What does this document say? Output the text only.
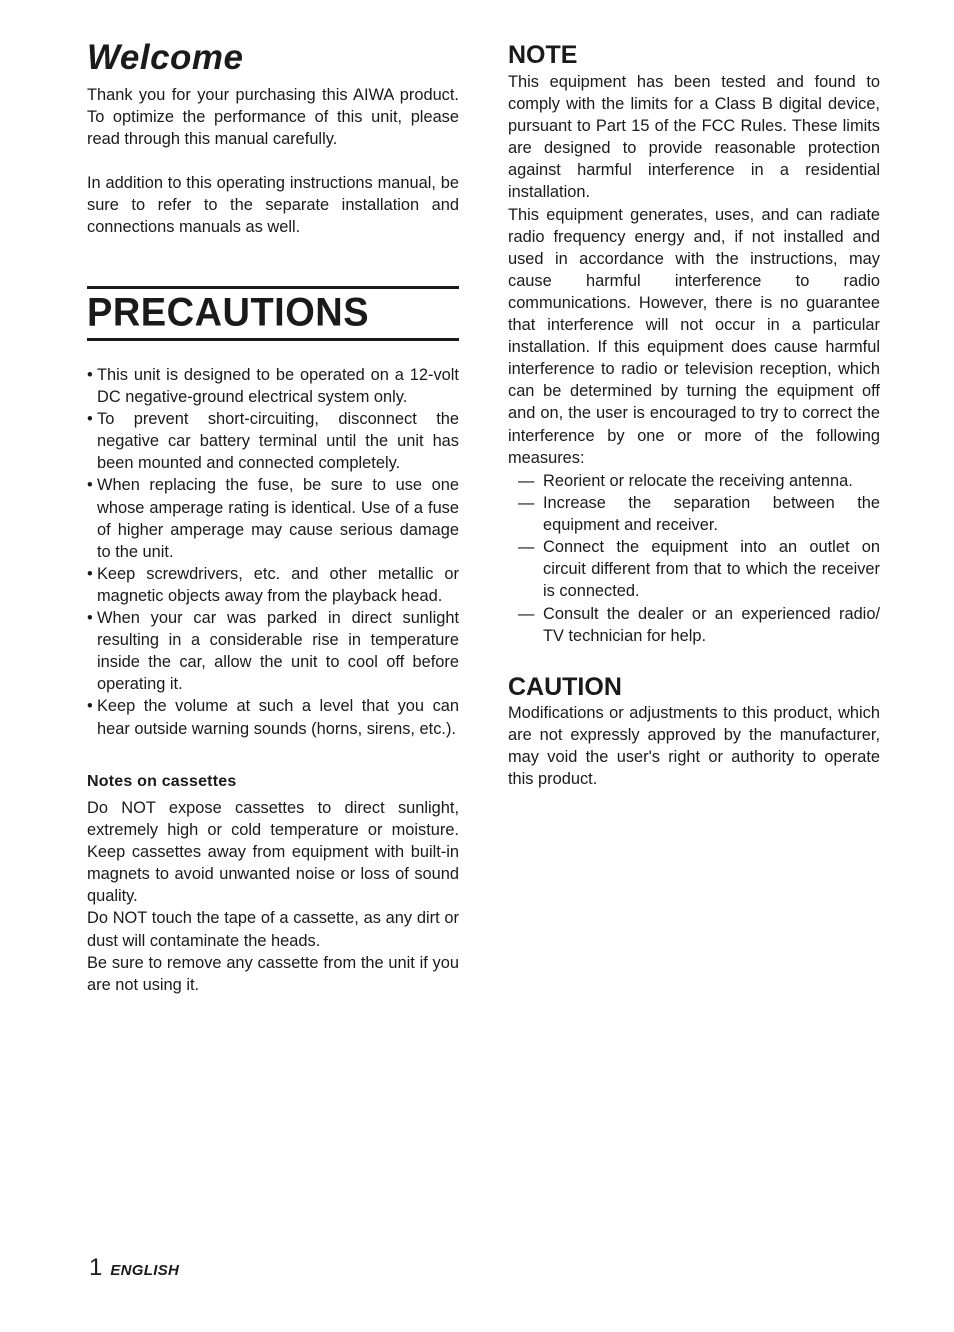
Welcome

Thank you for your purchasing this AIWA product. To optimize the performance of this unit, please read through this manual carefully.

In addition to this operating instructions manual, be sure to refer to the separate installation and connections manuals as well.

PRECAUTIONS
• This unit is designed to be operated on a 12-volt DC negative-ground electrical system only.
• To prevent short-circuiting, disconnect the negative car battery terminal until the unit has been mounted and connected completely.
• When replacing the fuse, be sure to use one whose amperage rating is identical. Use of a fuse of higher amperage may cause serious damage to the unit.
• Keep screwdrivers, etc. and other metallic or magnetic objects away from the playback head.
• When your car was parked in direct sunlight resulting in a considerable rise in temperature inside the car, allow the unit to cool off before operating it.
• Keep the volume at such a level that you can hear outside warning sounds (horns, sirens, etc.).
Notes on cassettes

Do NOT expose cassettes to direct sunlight, extremely high or cold temperature or moisture. Keep cassettes away from equipment with built-in magnets to avoid unwanted noise or loss of sound quality.

Do NOT touch the tape of a cassette, as any dirt or dust will contaminate the heads.

Be sure to remove any cassette from the unit if you are not using it.

NOTE

This equipment has been tested and found to comply with the limits for a Class B digital device, pursuant to Part 15 of the FCC Rules. These limits are designed to provide reasonable protection against harmful interference in a residential installation.

This equipment generates, uses, and can radiate radio frequency energy and, if not installed and used in accordance with the instructions, may cause harmful interference to radio communications. However, there is no guarantee that interference will not occur in a particular installation. If this equipment does cause harmful interference to radio or television reception, which can be determined by turning the equipment off and on, the user is encouraged to try to correct the interference by one or more of the following measures:

— Reorient or relocate the receiving antenna.
— Increase the separation between the equipment and receiver.
— Connect the equipment into an outlet on circuit different from that to which the receiver is connected.
— Consult the dealer or an experienced radio/ TV technician for help.
CAUTION

Modifications or adjustments to this product, which are not expressly approved by the manufacturer, may void the user's right or authority to operate this product.

1 ENGLISH
